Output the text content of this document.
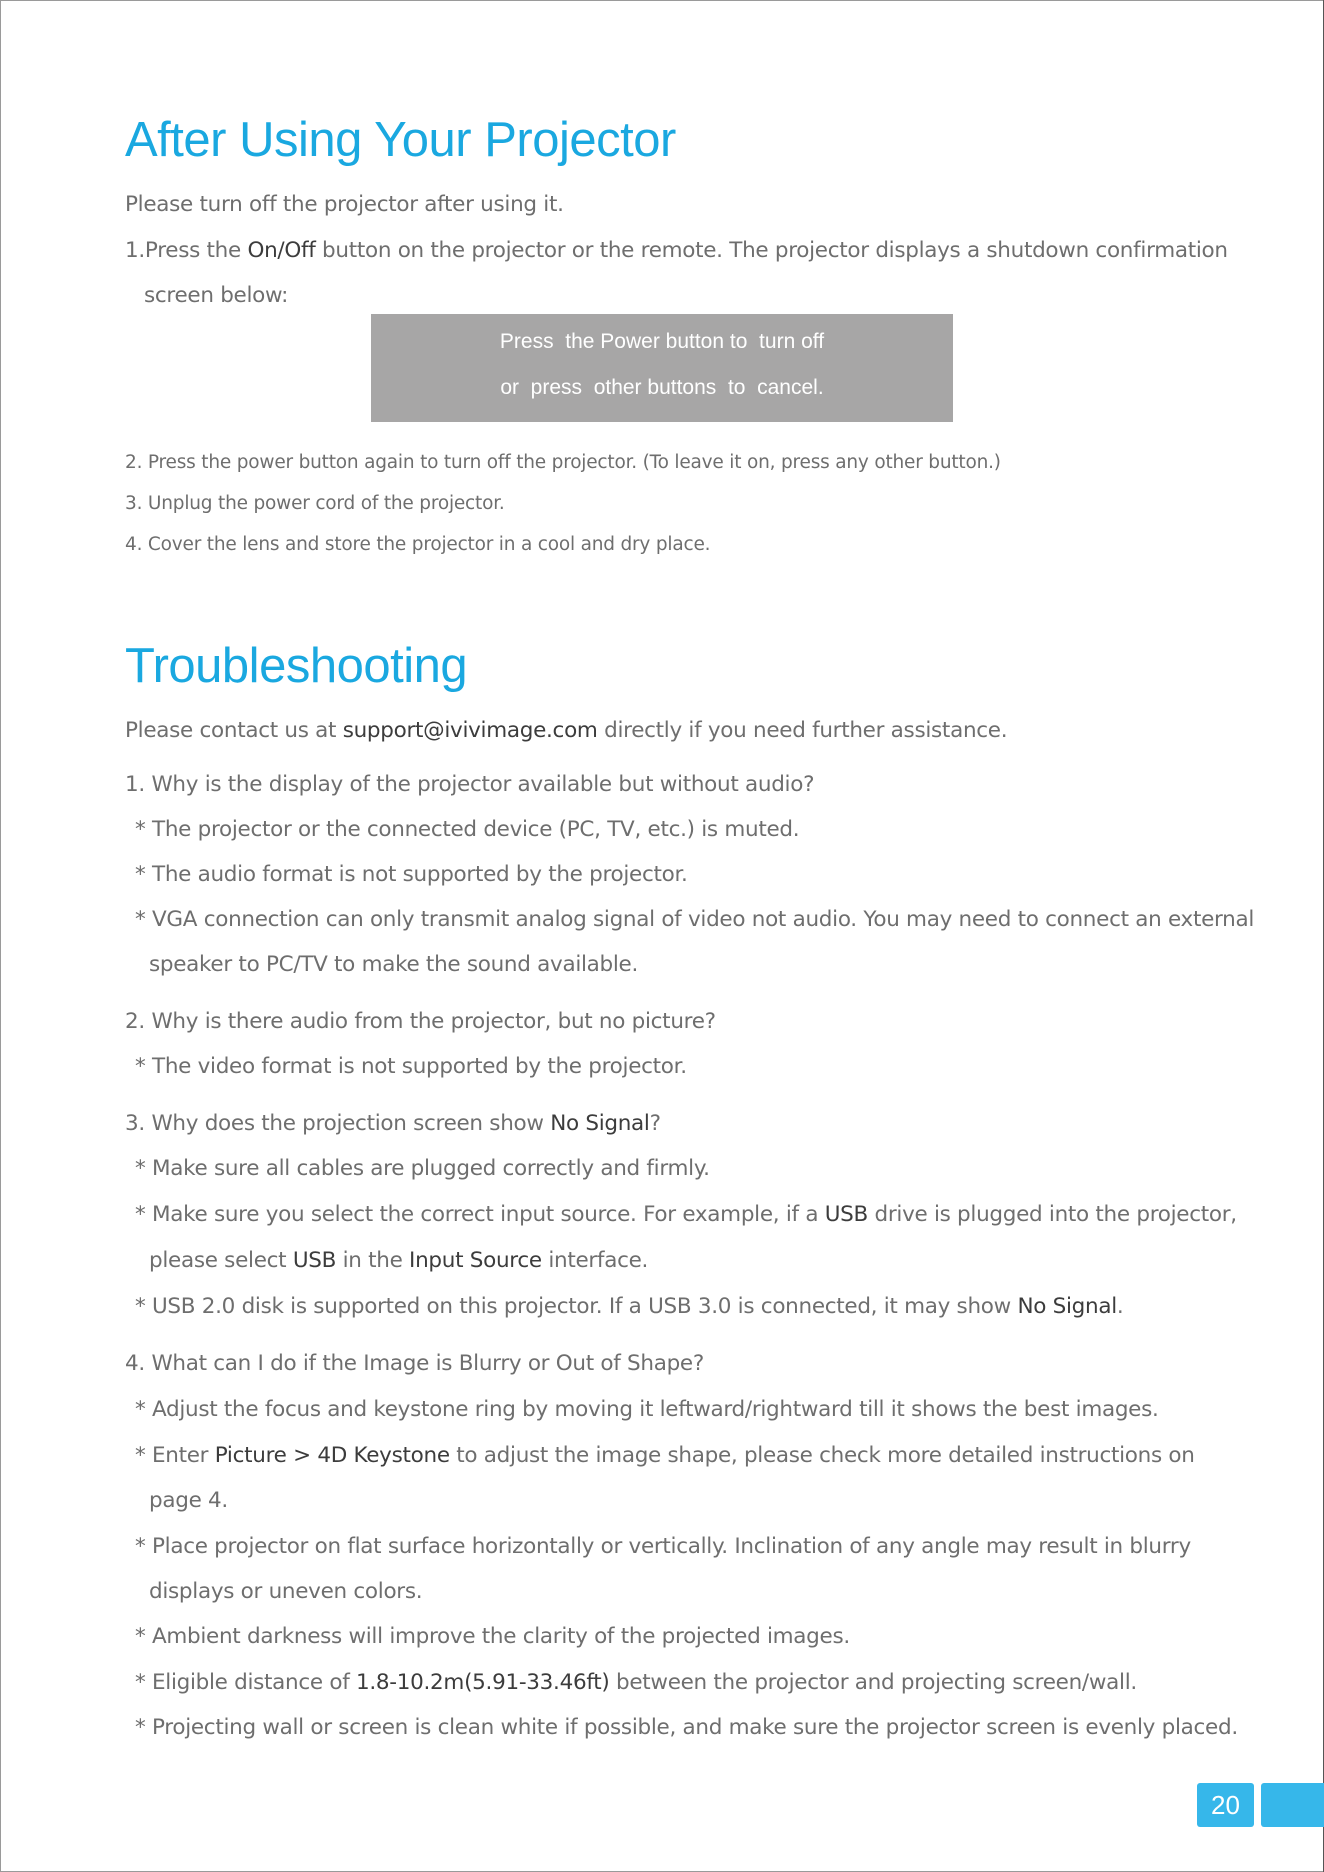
After Using Your Projector
Please turn off the projector after using it.
1.Press the On/Off button on the projector or the remote. The projector displays a shutdown confirmation
screen below:
2. Press the power button again to turn off the projector. (To leave it on, press any other button.)
3. Unplug the power cord of the projector.
4. Cover the lens and store the projector in a cool and dry place.
Troubleshooting
Please contact us at support@ivivimage.com directly if you need further assistance.
1. Why is the display of the projector available but without audio?
* The projector or the connected device (PC, TV, etc.) is muted.
* The audio format is not supported by the projector.
* VGA connection can only transmit analog signal of video not audio. You may need to connect an external
speaker to PC/TV to make the sound available.
2. Why is there audio from the projector, but no picture?
* The video format is not supported by the projector.
3. Why does the projection screen show No Signal?
* Make sure all cables are plugged correctly and firmly.
* Make sure you select the correct input source. For example, if a USB drive is plugged into the projector,
please select USB in the Input Source interface.
* USB 2.0 disk is supported on this projector. If a USB 3.0 is connected, it may show No Signal.
4. What can I do if the Image is Blurry or Out of Shape?
* Adjust the focus and keystone ring by moving it leftward/rightward till it shows the best images.
* Enter Picture > 4D Keystone to adjust the image shape, please check more detailed instructions on
page 4.
* Place projector on flat surface horizontally or vertically. Inclination of any angle may result in blurry
displays or uneven colors.
* Ambient darkness will improve the clarity of the projected images.
* Eligible distance of 1.8-10.2m(5.91-33.46ft) between the projector and projecting screen/wall.
* Projecting wall or screen is clean white if possible, and make sure the projector screen is evenly placed.
Press  the Power button to  turn off
or  press  other buttons  to  cancel.
20
